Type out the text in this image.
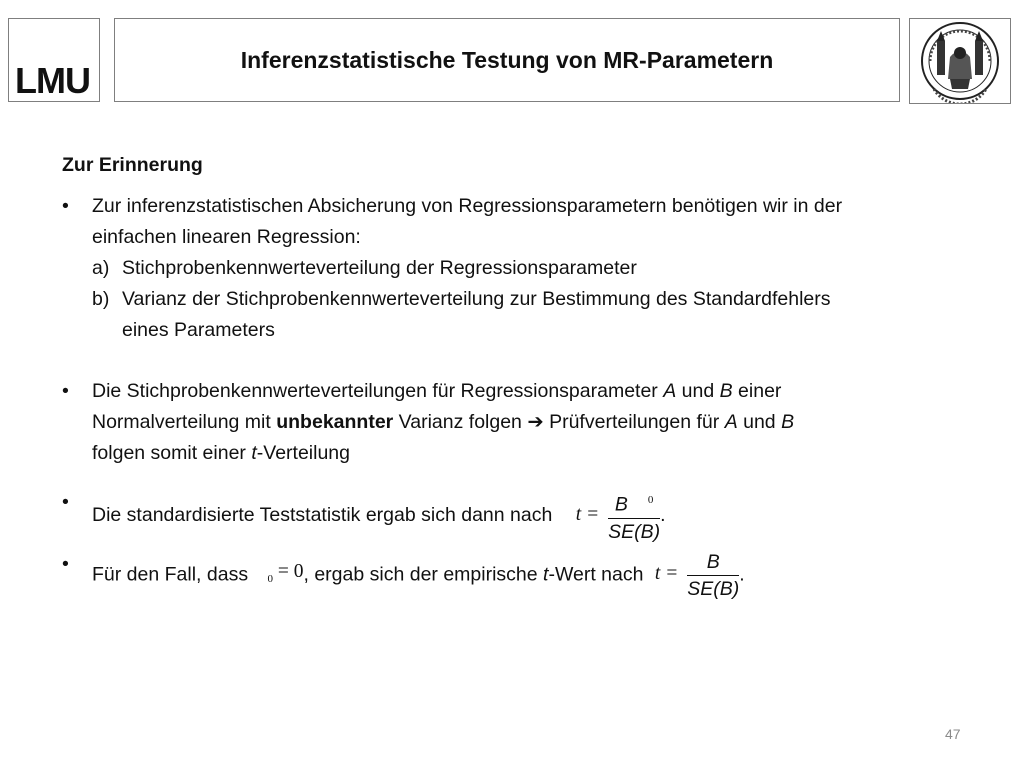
LMU
Inferenzstatistische Testung von MR-Parametern
Zur Erinnerung
•	Zur inferenzstatistischen Absicherung von Regressionsparametern benötigen wir in der
einfachen linearen Regression:
a) Stichprobenkennwerteverteilung der Regressionsparameter
b) Varianz der Stichprobenkennwerteverteilung zur Bestimmung des Standardfehlers
eines Parameters
•	Die Stichprobenkennwerteverteilungen für Regressionsparameter A und B einer
Normalverteilung mit unbekannter Varianz folgen ➔ Prüfverteilungen für A und B
folgen somit einer t-Verteilung
•
Die standardisierte Teststatistik ergab sich dann nach $t = \frac{B ^0}{SE(B)}$ .
•	Für den Fall, dass $_0$ = 0, ergab sich der empirische t-Wert nach $t = \frac{B}{SE(B)}$ .
47
